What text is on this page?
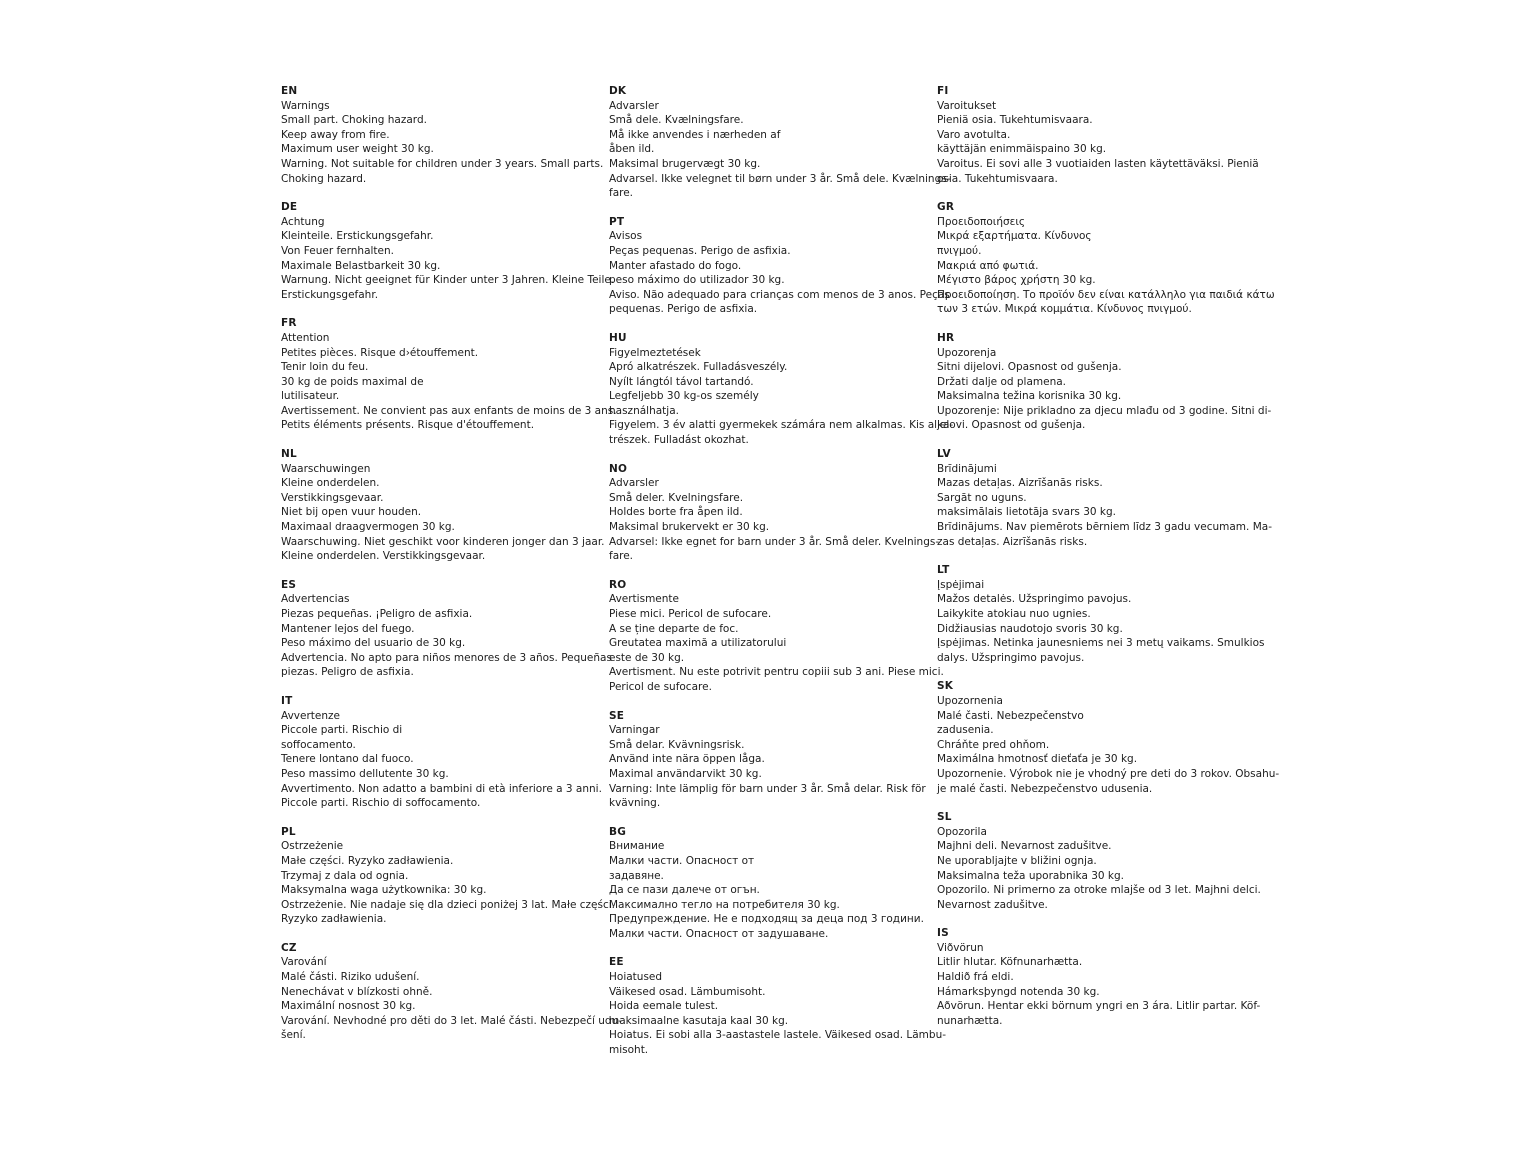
EN
Warnings
Small part. Choking hazard.
Keep away from fire.
Maximum user weight 30 kg.
Warning. Not suitable for children under 3 years. Small parts.
Choking hazard.
DE
Achtung
Kleinteile. Erstickungsgefahr.
Von Feuer fernhalten.
Maximale Belastbarkeit 30 kg.
Warnung. Nicht geeignet für Kinder unter 3 Jahren. Kleine Teile.
Erstickungsgefahr.
FR
Attention
Petites pièces. Risque d›étouffement.
Tenir loin du feu.
30 kg de poids maximal de
lutilisateur.
Avertissement. Ne convient pas aux enfants de moins de 3 ans.
Petits éléments présents. Risque d'étouffement.
NL
Waarschuwingen
Kleine onderdelen.
Verstikkingsgevaar.
Niet bij open vuur houden.
Maximaal draagvermogen 30 kg.
Waarschuwing. Niet geschikt voor kinderen jonger dan 3 jaar.
Kleine onderdelen. Verstikkingsgevaar.
ES
Advertencias
Piezas pequeñas. ¡Peligro de asfixia.
Mantener lejos del fuego.
Peso máximo del usuario de 30 kg.
Advertencia. No apto para niños menores de 3 años. Pequeñas
piezas. Peligro de asfixia.
IT
Avvertenze
Piccole parti. Rischio di
soffocamento.
Tenere lontano dal fuoco.
Peso massimo dellutente 30 kg.
Avvertimento. Non adatto a bambini di età inferiore a 3 anni.
Piccole parti. Rischio di soffocamento.
PL
Ostrzeżenie
Małe części. Ryzyko zadławienia.
Trzymaj z dala od ognia.
Maksymalna waga użytkownika: 30 kg.
Ostrzeżenie. Nie nadaje się dla dzieci poniżej 3 lat. Małe części.
Ryzyko zadławienia.
CZ
Varování
Malé části. Riziko udušení.
Nenechávat v blízkosti ohně.
Maximální nosnost 30 kg.
Varování. Nevhodné pro děti do 3 let. Malé části. Nebezpečí udu-
šení.
DK
Advarsler
Små dele. Kvælningsfare.
Må ikke anvendes i nærheden af
åben ild.
Maksimal brugervægt 30 kg.
Advarsel. Ikke velegnet til børn under 3 år. Små dele. Kvælnings-
fare.
PT
Avisos
Peças pequenas. Perigo de asfixia.
Manter afastado do fogo.
peso máximo do utilizador 30 kg.
Aviso. Não adequado para crianças com menos de 3 anos. Peças
pequenas. Perigo de asfixia.
HU
Figyelmeztetések
Apró alkatrészek. Fulladásveszély.
Nyílt lángtól távol tartandó.
Legfeljebb 30 kg-os személy
használhatja.
Figyelem. 3 év alatti gyermekek számára nem alkalmas. Kis alka-
trészek. Fulladást okozhat.
NO
Advarsler
Små deler. Kvelningsfare.
Holdes borte fra åpen ild.
Maksimal brukervekt er 30 kg.
Advarsel: Ikke egnet for barn under 3 år. Små deler. Kvelnings-
fare.
RO
Avertismente
Piese mici. Pericol de sufocare.
A se ține departe de foc.
Greutatea maximă a utilizatorului
este de 30 kg.
Avertisment. Nu este potrivit pentru copiii sub 3 ani. Piese mici.
Pericol de sufocare.
SE
Varningar
Små delar. Kvävningsrisk.
Använd inte nära öppen låga.
Maximal användarvikt 30 kg.
Varning: Inte lämplig för barn under 3 år. Små delar. Risk för
kvävning.
BG
Внимание
Малки части. Опасност от
задавяне.
Да се пази далече от огън.
Максимално тегло на потребителя 30 kg.
Предупреждение. Не е подходящ за деца под 3 години.
Малки части. Опасност от задушаване.
EE
Hoiatused
Väikesed osad. Lämbumisoht.
Hoida eemale tulest.
maksimaalne kasutaja kaal 30 kg.
Hoiatus. Ei sobi alla 3-aastastele lastele. Väikesed osad. Lämbu-
misoht.
FI
Varoitukset
Pieniä osia. Tukehtumisvaara.
Varo avotulta.
käyttäjän enimmäispaino 30 kg.
Varoitus. Ei sovi alle 3 vuotiaiden lasten käytettäväksi. Pieniä
osia. Tukehtumisvaara.
GR
Προειδοποιήσεις
Μικρά εξαρτήματα. Κίνδυνος
πνιγμού.
Μακριά από φωτιά.
Μέγιστο βάρος χρήστη 30 kg.
Προειδοποίηση. Το προϊόν δεν είναι κατάλληλο για παιδιά κάτω
των 3 ετών. Μικρά κομμάτια. Κίνδυνος πνιγμού.
HR
Upozorenja
Sitni dijelovi. Opasnost od gušenja.
Držati dalje od plamena.
Maksimalna težina korisnika 30 kg.
Upozorenje: Nije prikladno za djecu mlađu od 3 godine. Sitni di-
jelovi. Opasnost od gušenja.
LV
Brīdinājumi
Mazas detaļas. Aizrīšanās risks.
Sargāt no uguns.
maksimālais lietotāja svars 30 kg.
Brīdinājums. Nav piemērots bērniem līdz 3 gadu vecumam. Ma-
zas detaļas. Aizrīšanās risks.
LT
Įspėjimai
Mažos detalės. Užspringimo pavojus.
Laikykite atokiau nuo ugnies.
Didžiausias naudotojo svoris 30 kg.
Įspėjimas. Netinka jaunesniems nei 3 metų vaikams. Smulkios
dalys. Užspringimo pavojus.
SK
Upozornenia
Malé časti. Nebezpečenstvo
zadusenia.
Chráňte pred ohňom.
Maximálna hmotnosť dieťaťa je 30 kg.
Upozornenie. Výrobok nie je vhodný pre deti do 3 rokov. Obsahu-
je malé časti. Nebezpečenstvo udusenia.
SL
Opozorila
Majhni deli. Nevarnost zadušitve.
Ne uporabljajte v bližini ognja.
Maksimalna teža uporabnika 30 kg.
Opozorilo. Ni primerno za otroke mlajše od 3 let. Majhni delci.
Nevarnost zadušitve.
IS
Viðvörun
Litlir hlutar. Köfnunarhætta.
Haldið frá eldi.
Hámarksþyngd notenda 30 kg.
Aðvörun. Hentar ekki börnum yngri en 3 ára. Litlir partar. Köf-
nunarhætta.
